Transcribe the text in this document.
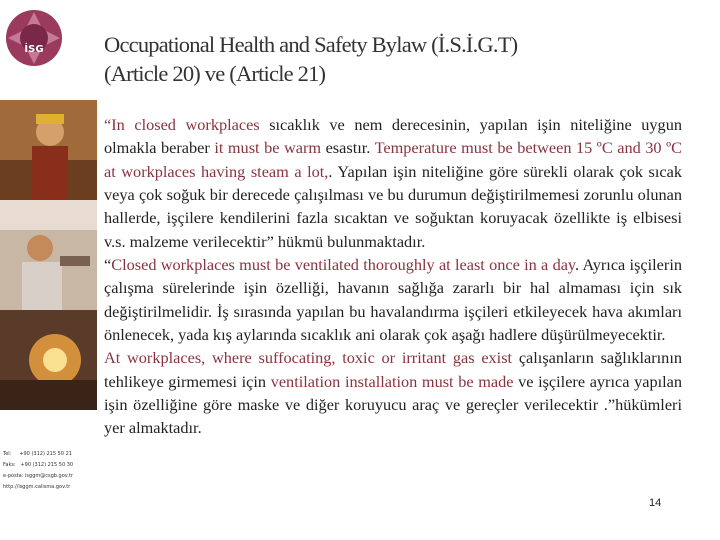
İSG
Tel: +90 (312) 215 50 21
Faks: +90 (312) 215 50 30
e-posta: isggm@csgb.gov.tr
http://isggm.calisma.gov.tr
Occupational Health and Safety Bylaw (İ.S.İ.G.T)
(Article 20) ve (Article 21)

“In closed workplaces sıcaklık ve nem derecesinin, yapılan işin niteliğine uygun olmakla beraber it must be warm esastır. Temperature must be between 15 ºC and 30 ºC at workplaces having steam a lot,. Yapılan işin niteliğine göre sürekli olarak çok sıcak veya çok soğuk bir derecede çalışılması ve bu durumun değiştirilmemesi zorunlu olunan hallerde, işçilere kendilerini fazla sıcaktan ve soğuktan koruyacak özellikte iş elbisesi v.s. malzeme verilecektir” hükmü bulunmaktadır.

“Closed workplaces must be ventilated thoroughly at least once in a day. Ayrıca işçilerin çalışma sürelerinde işin özelliği, havanın sağlığa zararlı bir hal almaması için sık değiştirilmelidir. İş sırasında yapılan bu havalandırma işçileri etkileyecek hava akımları önlenecek, yada kış aylarında sıcaklık ani olarak çok aşağı hadlere düşürülmeyecektir.

At workplaces, where suffocating, toxic or irritant gas exist çalışanların sağlıklarının tehlikeye girmemesi için ventilation installation must be made ve işçilere ayrıca yapılan işin özelliğine göre maske ve diğer koruyucu araç ve gereçler verilecektir .”hükümleri yer almaktadır.

14
